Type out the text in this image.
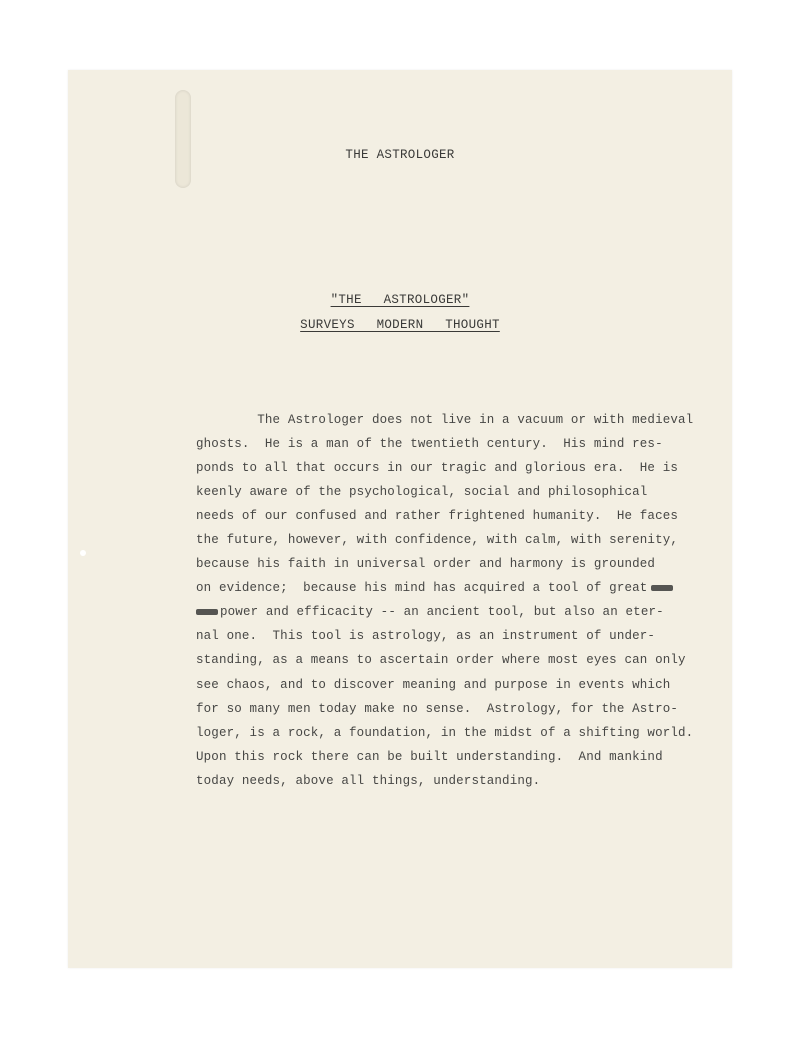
THE ASTROLOGER
"THE ASTROLOGER"
SURVEYS MODERN THOUGHT
The Astrologer does not live in a vacuum or with medieval
ghosts.  He is a man of the twentieth century.  His mind res-
ponds to all that occurs in our tragic and glorious era.  He is
keenly aware of the psychological, social and philosophical
needs of our confused and rather frightened humanity.  He faces
the future, however, with confidence, with calm, with serenity,
because his faith in universal order and harmony is grounded
on evidence;  because his mind has acquired a tool of great
power and efficacity -- an ancient tool, but also an eter-
nal one.  This tool is astrology, as an instrument of under-
standing, as a means to ascertain order where most eyes can only
see chaos, and to discover meaning and purpose in events which
for so many men today make no sense.  Astrology, for the Astro-
loger, is a rock, a foundation, in the midst of a shifting world.
Upon this rock there can be built understanding.  And mankind
today needs, above all things, understanding.
